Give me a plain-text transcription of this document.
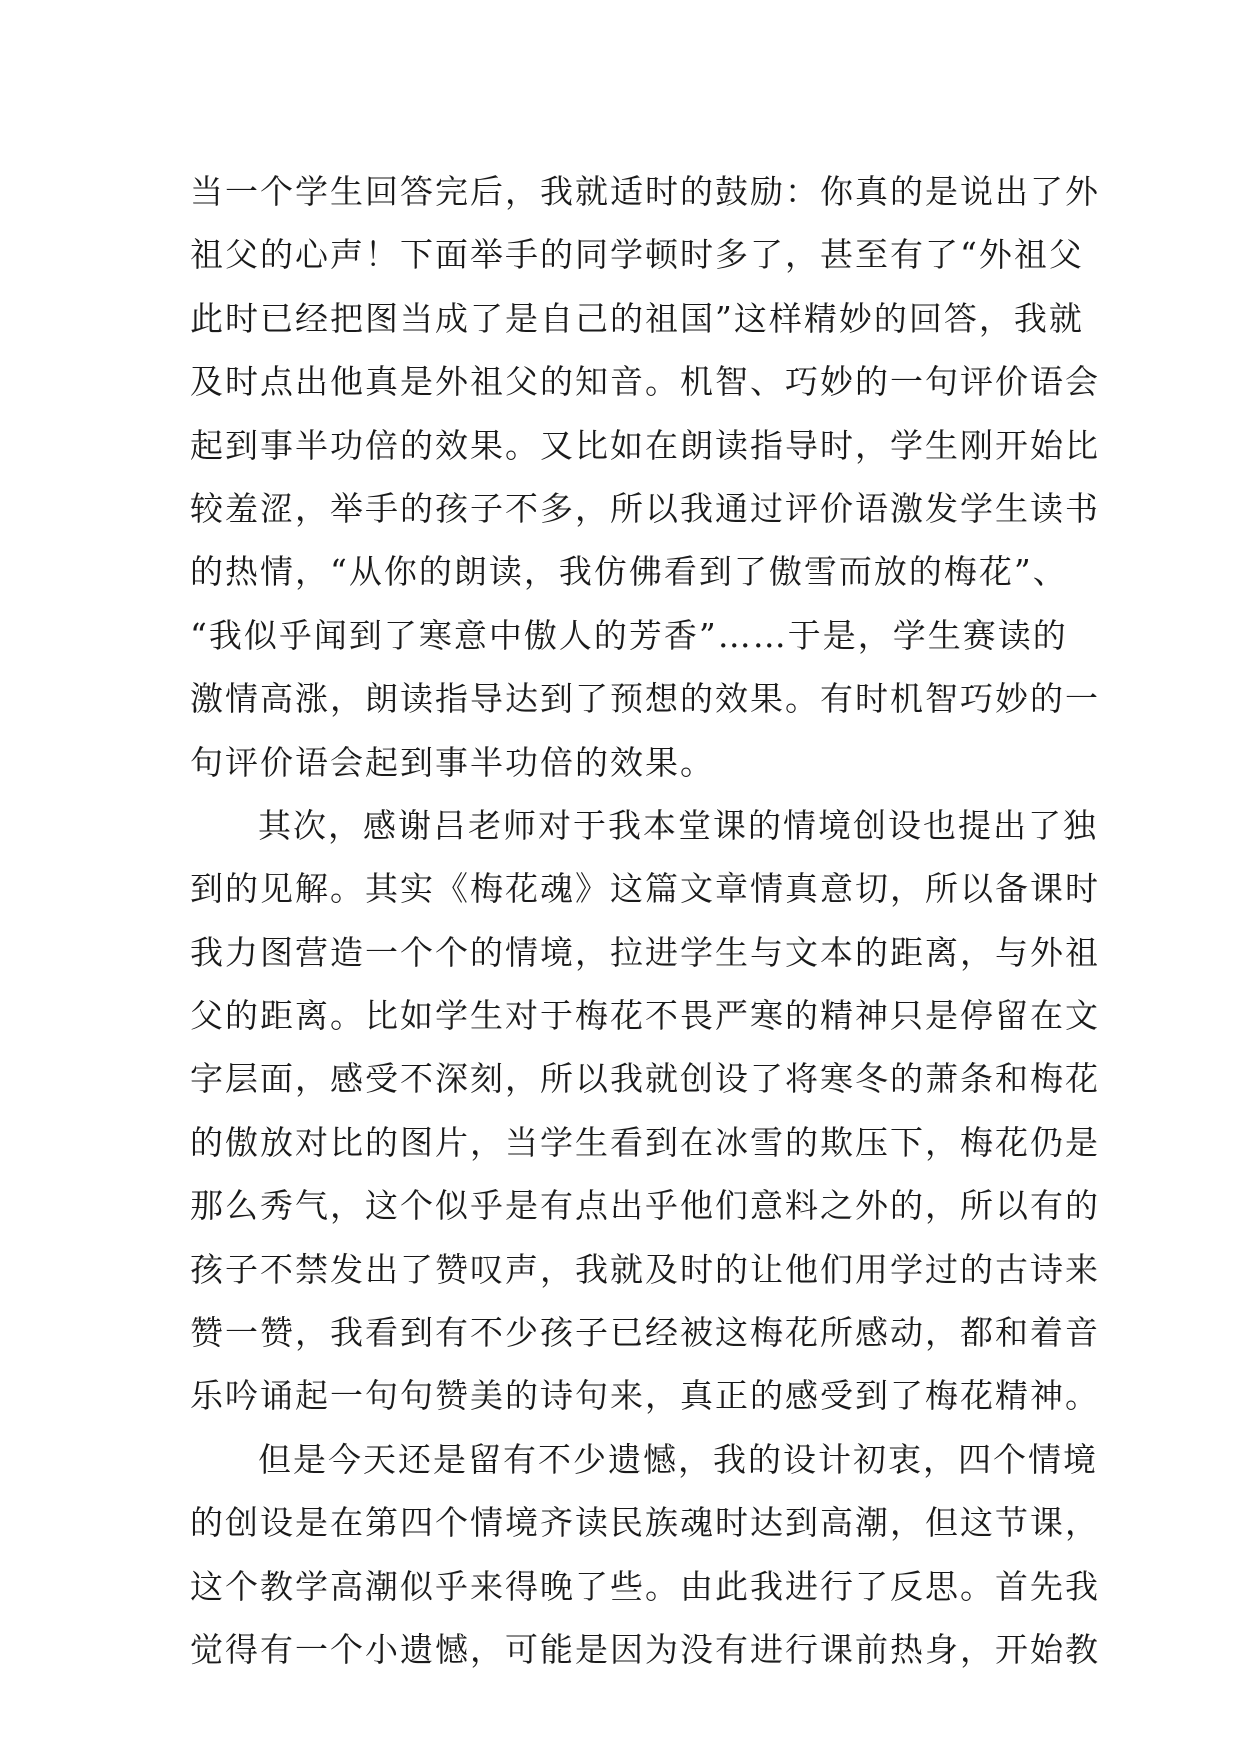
当一个学生回答完后，我就适时的鼓励：你真的是说出了外
祖父的心声！下面举手的同学顿时多了，甚至有了“外祖父
此时已经把图当成了是自己的祖国”这样精妙的回答，我就
及时点出他真是外祖父的知音。机智、巧妙的一句评价语会
起到事半功倍的效果。又比如在朗读指导时，学生刚开始比
较羞涩，举手的孩子不多，所以我通过评价语激发学生读书
的热情，“从你的朗读，我仿佛看到了傲雪而放的梅花”、
“我似乎闻到了寒意中傲人的芳香”……于是，学生赛读的
激情高涨，朗读指导达到了预想的效果。有时机智巧妙的一
句评价语会起到事半功倍的效果。
其次，感谢吕老师对于我本堂课的情境创设也提出了独
到的见解。其实《梅花魂》这篇文章情真意切，所以备课时
我力图营造一个个的情境，拉进学生与文本的距离，与外祖
父的距离。比如学生对于梅花不畏严寒的精神只是停留在文
字层面，感受不深刻，所以我就创设了将寒冬的萧条和梅花
的傲放对比的图片，当学生看到在冰雪的欺压下，梅花仍是
那么秀气，这个似乎是有点出乎他们意料之外的，所以有的
孩子不禁发出了赞叹声，我就及时的让他们用学过的古诗来
赞一赞，我看到有不少孩子已经被这梅花所感动，都和着音
乐吟诵起一句句赞美的诗句来，真正的感受到了梅花精神。
但是今天还是留有不少遗憾，我的设计初衷，四个情境
的创设是在第四个情境齐读民族魂时达到高潮，但这节课，
这个教学高潮似乎来得晚了些。由此我进行了反思。首先我
觉得有一个小遗憾，可能是因为没有进行课前热身，开始教
